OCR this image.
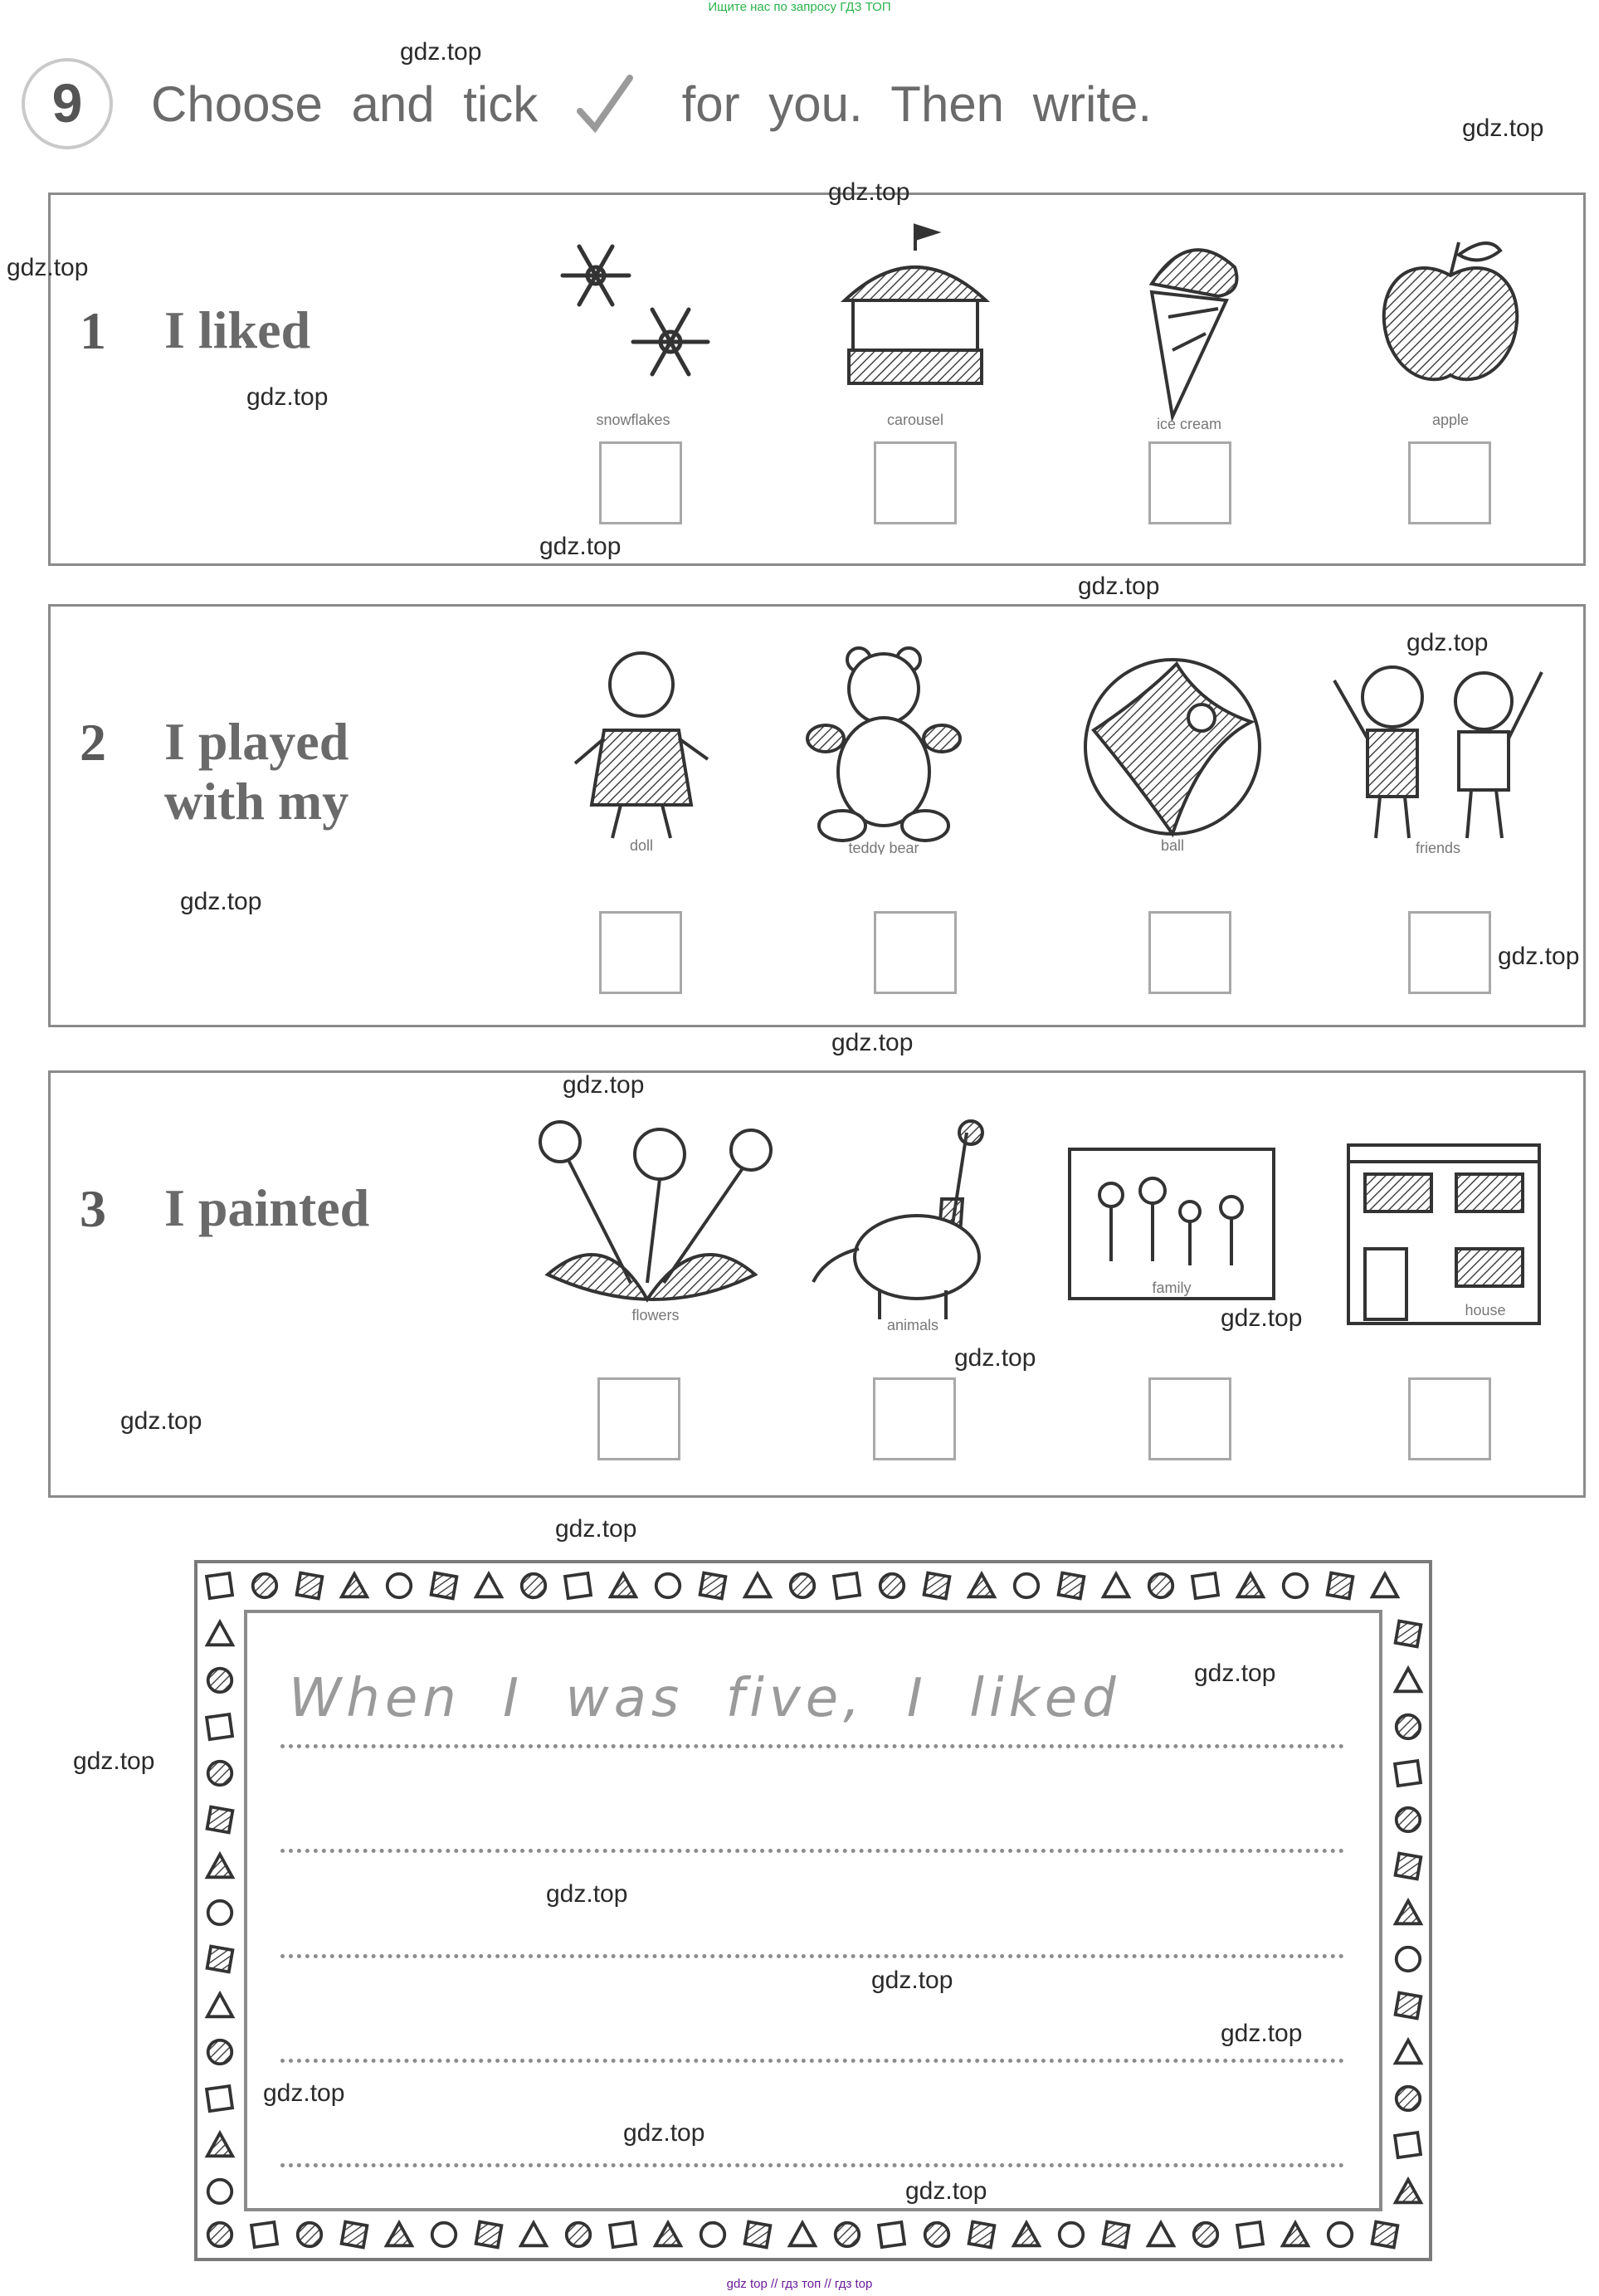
Ищите нас по запросу ГДЗ ТОП
9	Choose and tick	for you. Then write.
1 I liked
snowflakes	carousel	ice cream	apple
2 I played
with my
doll	teddy bear	ball	friends
3 I painted
flowers
animals
family
house
When I was five, I liked
gdz.top
gdz.top
gdz.top
gdz.top
gdz.top
gdz.top
gdz.top
gdz.top
gdz.top
gdz.top
gdz.top
gdz.top
gdz.top
gdz.top
gdz.top
gdz.top
gdz.top
gdz.top
gdz.top
gdz.top
gdz.top
gdz.top
gdz.top
gdz.top
gdz top // гдз топ // гдз top
